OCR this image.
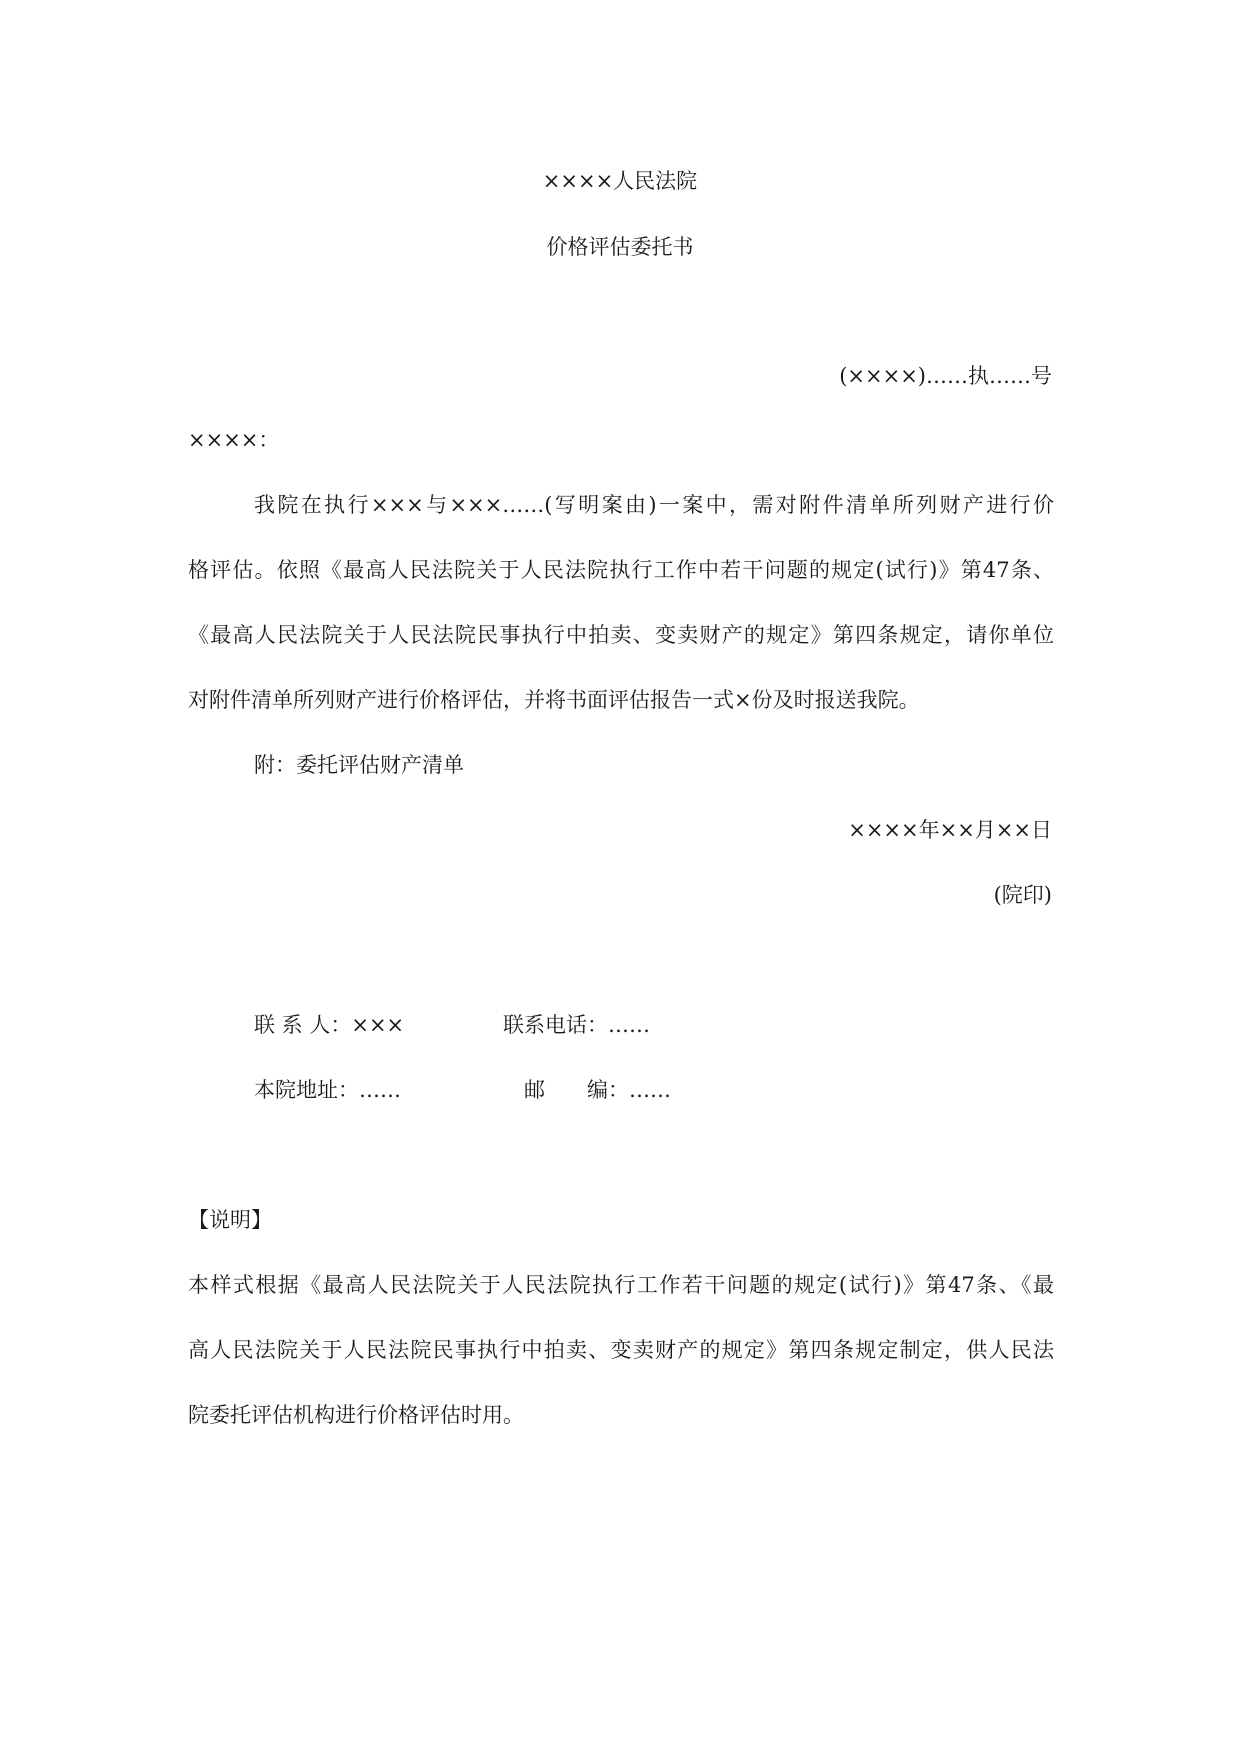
××××人民法院
价格评估委托书
(××××)……执……号
××××：
我院在执行×××与×××……(写明案由)一案中，需对附件清单所列财产进行价
格评估。依照《最高人民法院关于人民法院执行工作中若干问题的规定(试行)》第47条、
《最高人民法院关于人民法院民事执行中拍卖、变卖财产的规定》第四条规定，请你单位
对附件清单所列财产进行价格评估，并将书面评估报告一式×份及时报送我院。
附：委托评估财产清单
××××年××月××日
(院印)
联 系 人：×××	联系电话：……
本院地址：……	邮　　编：……
【说明】
本样式根据《最高人民法院关于人民法院执行工作若干问题的规定(试行)》第47条、《最
高人民法院关于人民法院民事执行中拍卖、变卖财产的规定》第四条规定制定，供人民法
院委托评估机构进行价格评估时用。
